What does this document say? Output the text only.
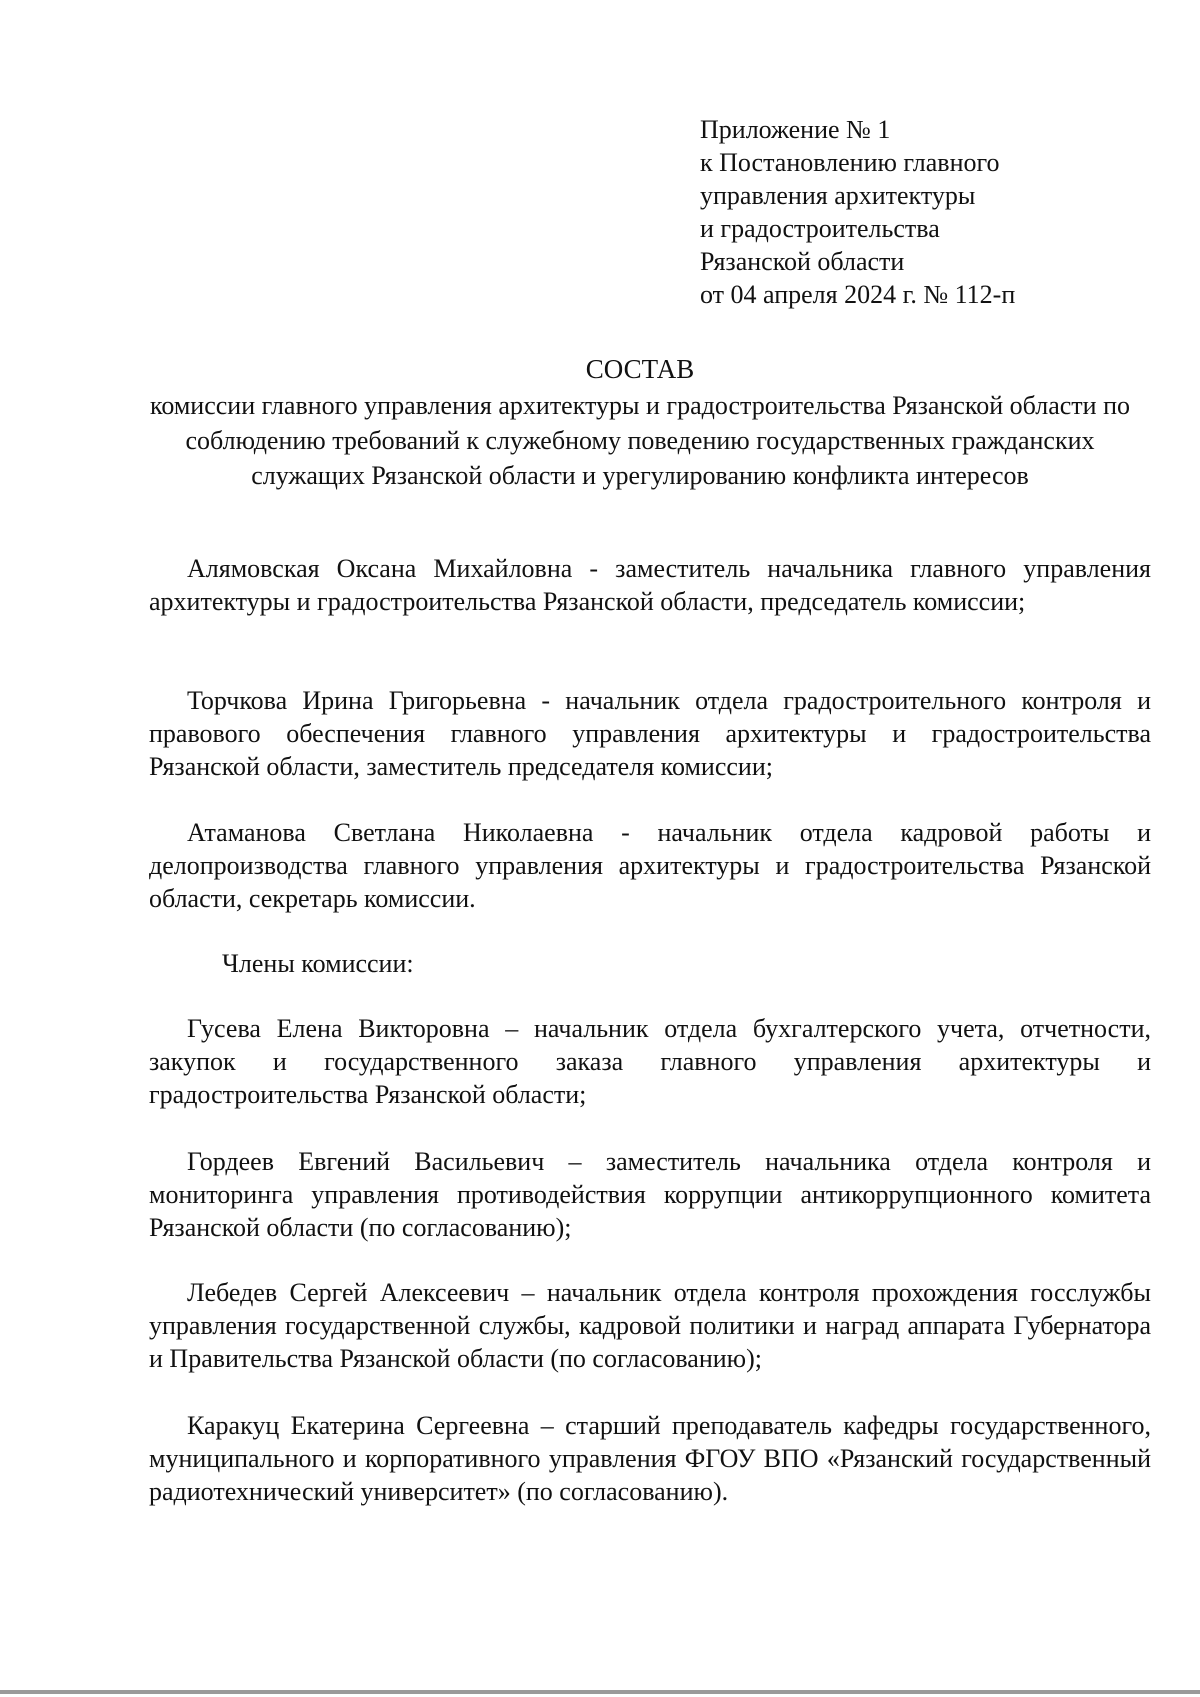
Приложение № 1
к Постановлению главного
управления архитектуры
и градостроительства
Рязанской области
от 04 апреля 2024 г. № 112-п
СОСТАВ
комиссии главного управления архитектуры и градостроительства Рязанской области по соблюдению требований к служебному поведению государственных гражданских служащих Рязанской области и урегулированию конфликта интересов
Алямовская Оксана Михайловна - заместитель начальника главного управления архитектуры и градостроительства Рязанской области, председатель комиссии;
Торчкова Ирина Григорьевна - начальник отдела градостроительного контроля и правового обеспечения главного управления архитектуры и градостроительства Рязанской области, заместитель председателя комиссии;
Атаманова Светлана Николаевна - начальник отдела кадровой работы и делопроизводства главного управления архитектуры и градостроительства Рязанской области, секретарь комиссии.
Члены комиссии:
Гусева Елена Викторовна – начальник отдела бухгалтерского учета, отчетности, закупок и государственного заказа главного управления архитектуры и градостроительства Рязанской области;
Гордеев Евгений Васильевич – заместитель начальника отдела контроля и мониторинга управления противодействия коррупции антикоррупционного комитета Рязанской области (по согласованию);
Лебедев Сергей Алексеевич – начальник отдела контроля прохождения госслужбы управления государственной службы, кадровой политики и наград аппарата Губернатора и Правительства Рязанской области (по согласованию);
Каракуц Екатерина Сергеевна – старший преподаватель кафедры государственного, муниципального и корпоративного управления ФГОУ ВПО «Рязанский государственный радиотехнический университет» (по согласованию).
